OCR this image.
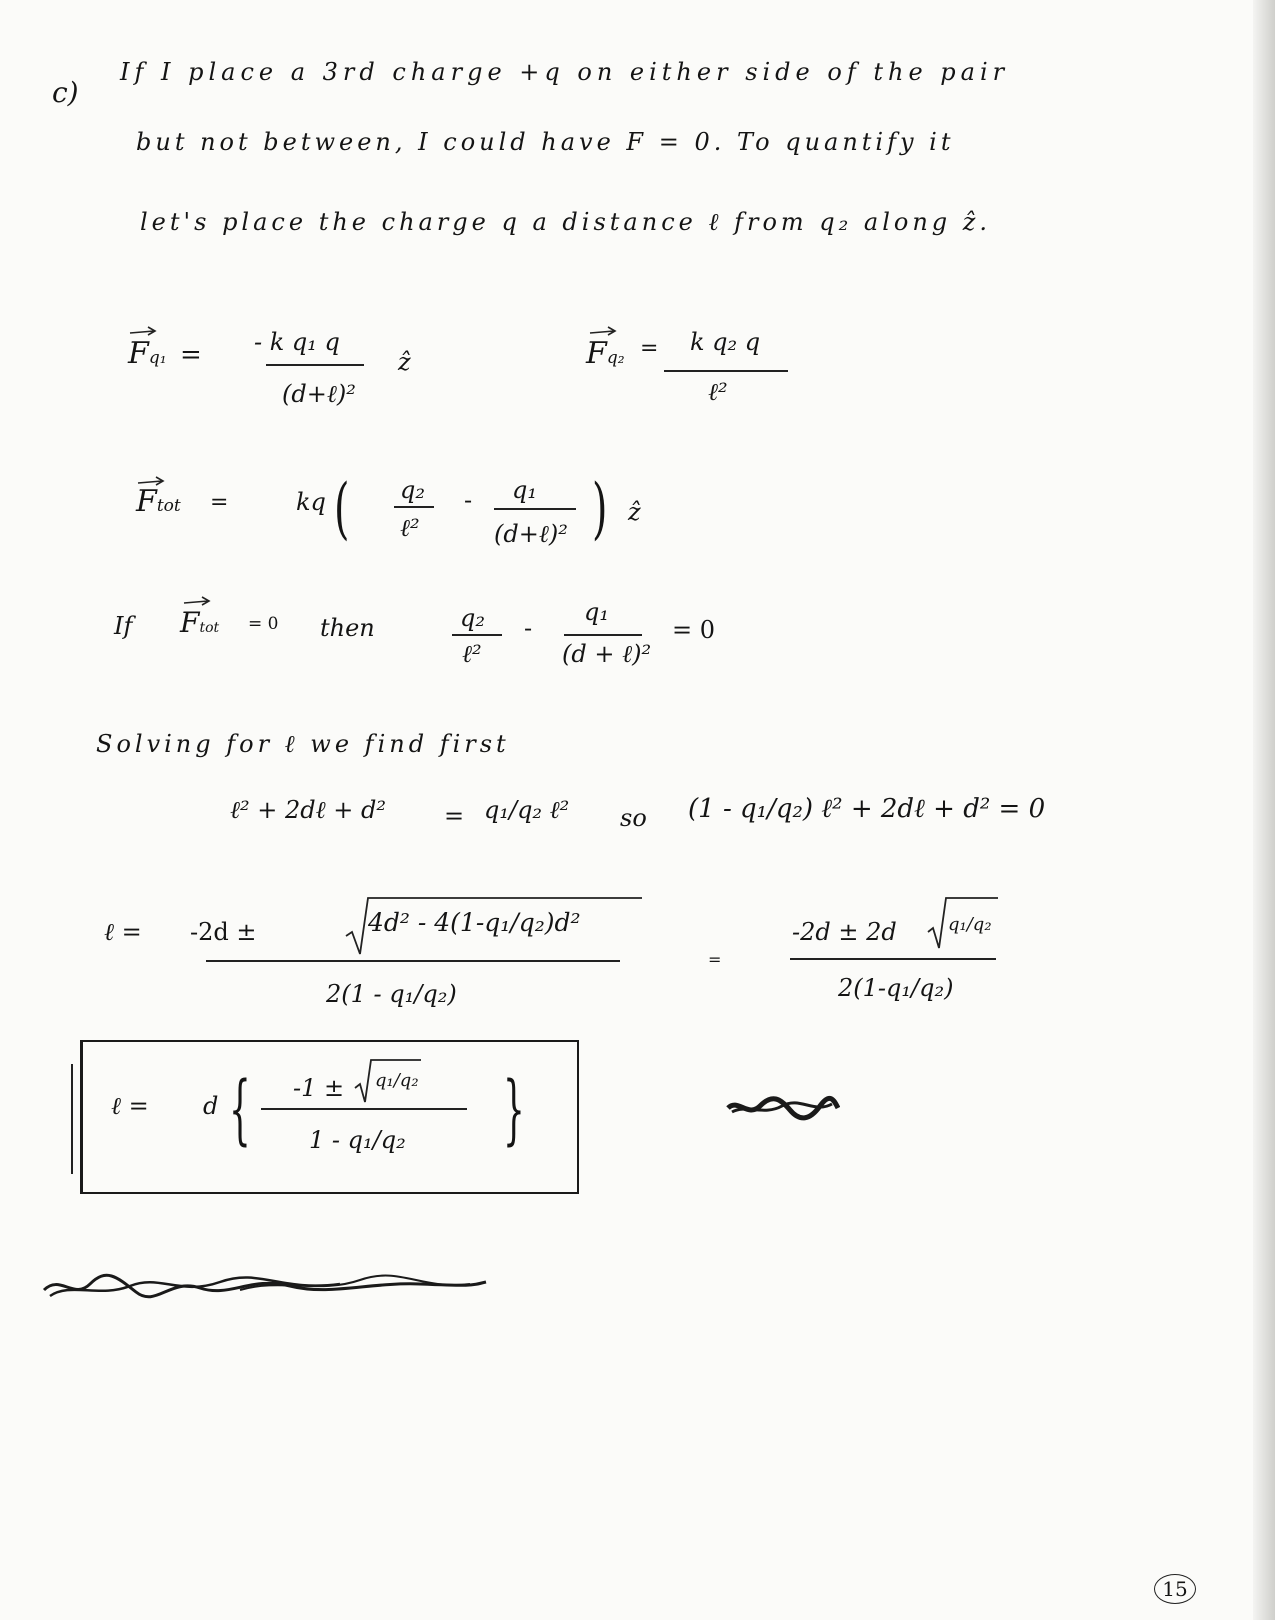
c)
If I place a 3rd charge +q on either side of the pair
but not between, I could have F = 0. To quantify it
let's place the charge q a distance ℓ from q₂ along ẑ.
Fq₁ = - k q₁ q
(d+ℓ)²
ẑ	Fq₂ = k q₂ q
ℓ²
Ftot =	kq ( q₂
ℓ²
- q₁
(d+ℓ)² ) ẑ
If Ftot = 0 then	q₂
ℓ²
-
q₁
(d + ℓ)²
= 0
Solving for ℓ we find first
ℓ² + 2dℓ + d² = q₁/q₂ ℓ² so (1 - q₁/q₂) ℓ² + 2dℓ + d² = 0
ℓ = -2d ±	4d² - 4(1-q₁/q₂)d²
2(1 - q₁/q₂)
=
-2d ± 2d	q₁/q₂
2(1-q₁/q₂)
ℓ = d { -1 ± q₁/q₂
1 - q₁/q₂ }
15
